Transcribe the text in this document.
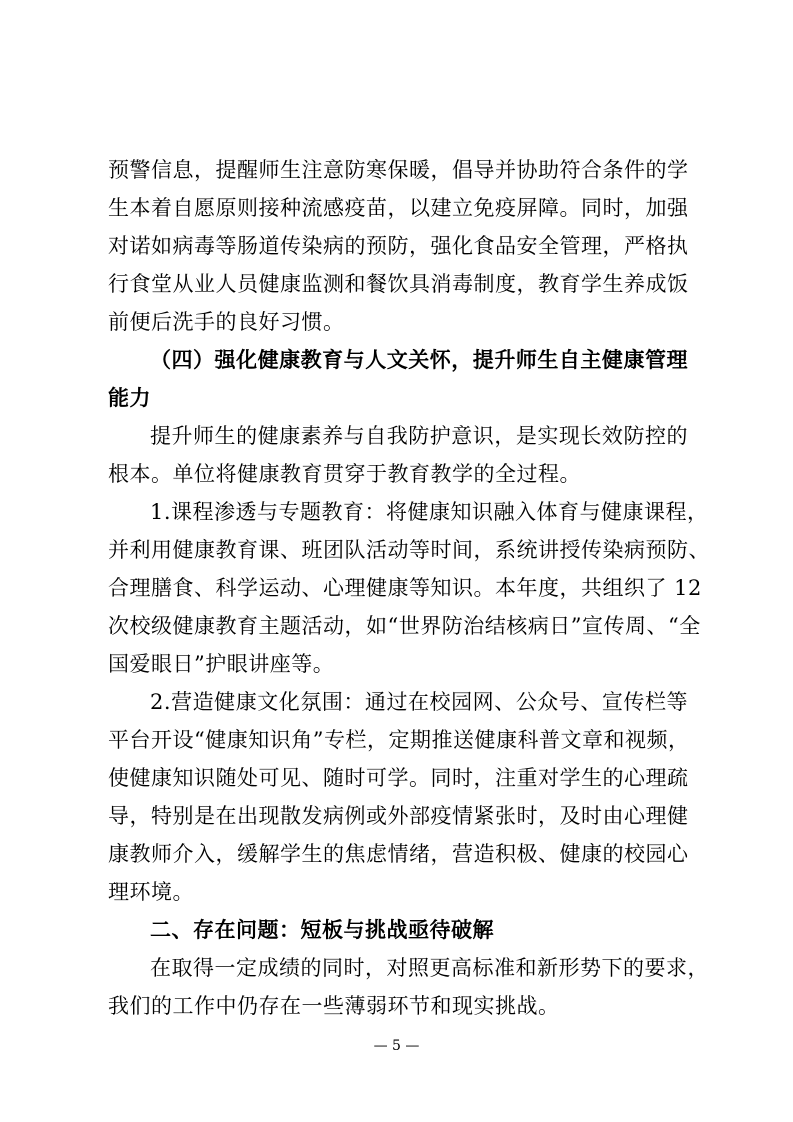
预警信息，提醒师生注意防寒保暖，倡导并协助符合条件的学
生本着自愿原则接种流感疫苗，以建立免疫屏障。同时，加强
对诺如病毒等肠道传染病的预防，强化食品安全管理，严格执
行食堂从业人员健康监测和餐饮具消毒制度，教育学生养成饭
前便后洗手的良好习惯。
（四）强化健康教育与人文关怀，提升师生自主健康管理
能力
提升师生的健康素养与自我防护意识，是实现长效防控的
根本。单位将健康教育贯穿于教育教学的全过程。
1.课程渗透与专题教育：将健康知识融入体育与健康课程，
并利用健康教育课、班团队活动等时间，系统讲授传染病预防、
合理膳食、科学运动、心理健康等知识。本年度，共组织了 12
次校级健康教育主题活动，如“世界防治结核病日”宣传周、“全
国爱眼日”护眼讲座等。
2.营造健康文化氛围：通过在校园网、公众号、宣传栏等
平台开设“健康知识角”专栏，定期推送健康科普文章和视频，
使健康知识随处可见、随时可学。同时，注重对学生的心理疏
导，特别是在出现散发病例或外部疫情紧张时，及时由心理健
康教师介入，缓解学生的焦虑情绪，营造积极、健康的校园心
理环境。
二、存在问题：短板与挑战亟待破解
在取得一定成绩的同时，对照更高标准和新形势下的要求，
我们的工作中仍存在一些薄弱环节和现实挑战。
— 5 —
